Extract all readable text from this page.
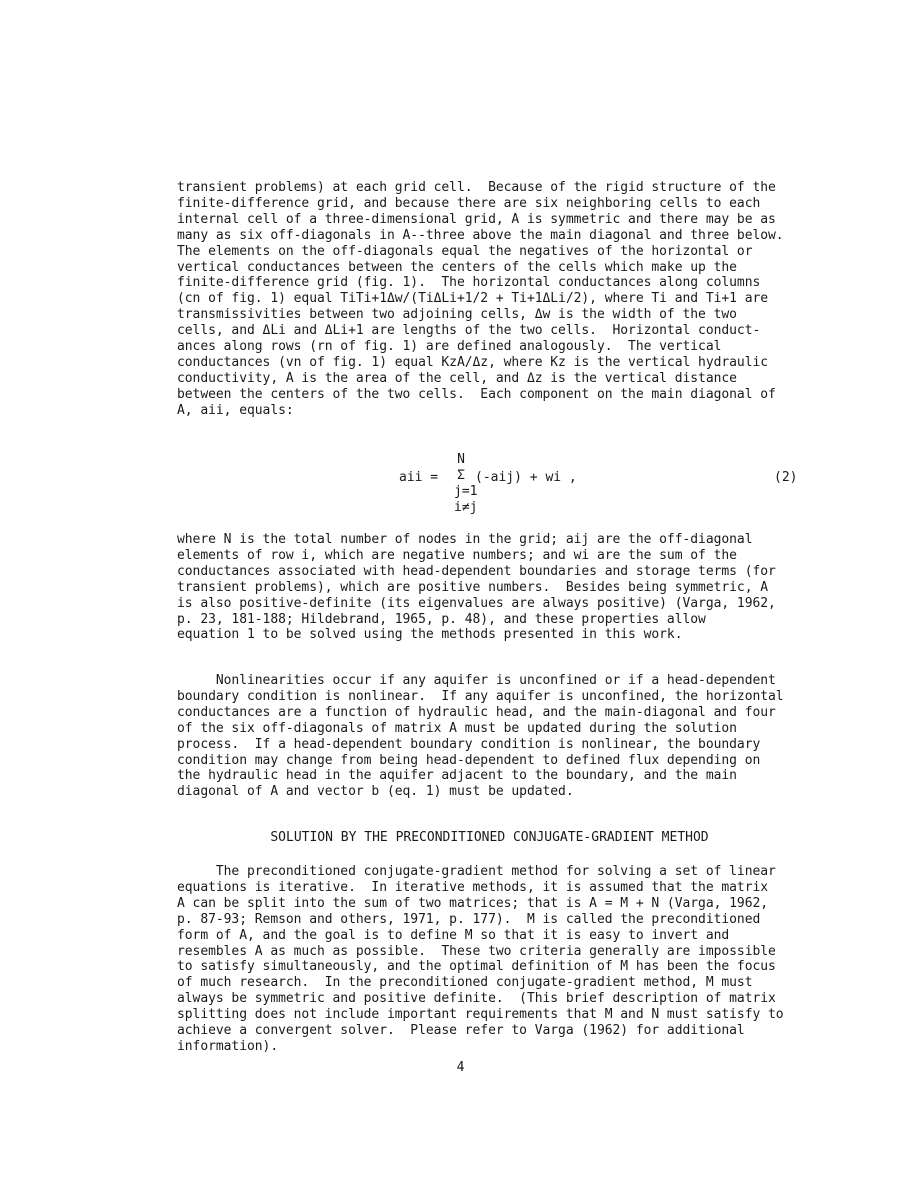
transient problems) at each grid cell.  Because of the rigid structure of the
finite-difference grid, and because there are six neighboring cells to each
internal cell of a three-dimensional grid, A is symmetric and there may be as
many as six off-diagonals in A--three above the main diagonal and three below.
The elements on the off-diagonals equal the negatives of the horizontal or
vertical conductances between the centers of the cells which make up the
finite-difference grid (fig. 1).  The horizontal conductances along columns
(cn of fig. 1) equal TiTi+1Δw/(TiΔLi+1/2 + Ti+1ΔLi/2), where Ti and Ti+1 are
transmissivities between two adjoining cells, Δw is the width of the two
cells, and ΔLi and ΔLi+1 are lengths of the two cells.  Horizontal conduct-
ances along rows (rn of fig. 1) are defined analogously.  The vertical
conductances (vn of fig. 1) equal KzA/Δz, where Kz is the vertical hydraulic
conductivity, A is the area of the cell, and Δz is the vertical distance
between the centers of the two cells.  Each component on the main diagonal of
A, aii, equals:
aii =
N
Σ
j=1
i≠j
(-aij) + wi ,	(2)
where N is the total number of nodes in the grid; aij are the off-diagonal
elements of row i, which are negative numbers; and wi are the sum of the
conductances associated with head-dependent boundaries and storage terms (for
transient problems), which are positive numbers.  Besides being symmetric, A
is also positive-definite (its eigenvalues are always positive) (Varga, 1962,
p. 23, 181-188; Hildebrand, 1965, p. 48), and these properties allow
equation 1 to be solved using the methods presented in this work.
Nonlinearities occur if any aquifer is unconfined or if a head-dependent
boundary condition is nonlinear.  If any aquifer is unconfined, the horizontal
conductances are a function of hydraulic head, and the main-diagonal and four
of the six off-diagonals of matrix A must be updated during the solution
process.  If a head-dependent boundary condition is nonlinear, the boundary
condition may change from being head-dependent to defined flux depending on
the hydraulic head in the aquifer adjacent to the boundary, and the main
diagonal of A and vector b (eq. 1) must be updated.
SOLUTION BY THE PRECONDITIONED CONJUGATE-GRADIENT METHOD
The preconditioned conjugate-gradient method for solving a set of linear
equations is iterative.  In iterative methods, it is assumed that the matrix
A can be split into the sum of two matrices; that is A = M + N (Varga, 1962,
p. 87-93; Remson and others, 1971, p. 177).  M is called the preconditioned
form of A, and the goal is to define M so that it is easy to invert and
resembles A as much as possible.  These two criteria generally are impossible
to satisfy simultaneously, and the optimal definition of M has been the focus
of much research.  In the preconditioned conjugate-gradient method, M must
always be symmetric and positive definite.  (This brief description of matrix
splitting does not include important requirements that M and N must satisfy to
achieve a convergent solver.  Please refer to Varga (1962) for additional
information).
4
